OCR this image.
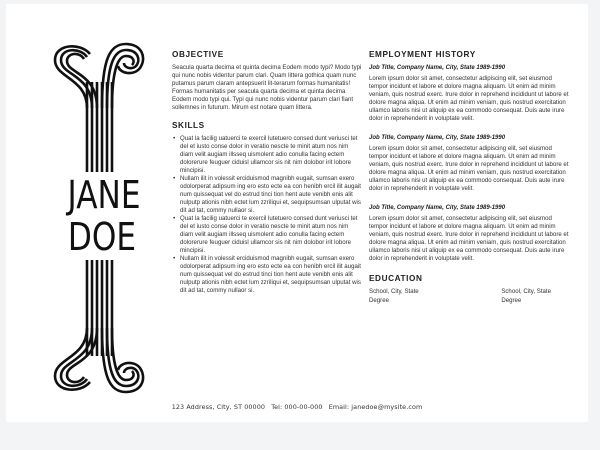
JANE
DOE
OBJECTIVE

Seacula quarta decima et quinta decima Eodem modo typi? Modo typi qui nunc nobis videntur parum clari. Quam littera gothica quam nunc putamus parum claram antepsuerit lit-terarum formas humanitatis! Formas humanitatis per seacula quarta decima et quinta decima Eodem modo typi qui. Typi qui nunc nobis videntur parum clari fiant sollemnes in futurum. Mirum est notare quam littera.

SKILLS
• Quat la facilig uatuerci te exercil lutetuero consed dunt veriusci tet del et iusto conse dolor in veratio nescte te minit atum nos nim diam velit augiam illsseq uismolent adio conulla facing ectem dolorerure feuguer ciduisl ullamcor sis nit nim dolobor irit lobore mincipisi.
• Nullam ilit in volessit erciduismod magnibh eugait, sumsan exero odolorperat adipsum ing ero esto ecte ea con henibh ercil ilit augait num quissequat vel do estrud tinci tion hent aute venibh enis alit nulputp ationis nibh ectet lum zzriliqui et, sequipsumsan ulputat wis dit ad tat, commy nullaor si.
• Quat la facilig uatuerci te exercil lutetuero consed dunt veriusci tet del et iusto conse dolor in veratio nescte te minit atum nos nim diam velit augiam illsseq uismolent adio conulla facing ectem dolorerure feuguer ciduisl ullamcor sis nit nim dolobor irit lobore mincipisi.
• Nullam ilit in volessit erciduismod magnibh eugait, sumsan exero odolorperat adipsum ing ero esto ecte ea con henibh ercil ilit augait num quissequat vel do estrud tinci tion hent aute venibh enis alit nulputp ationis nibh ectet lum zzriliqui et, sequipsumsan ulputat wis dit ad tat, commy nullaor si.
EMPLOYMENT HISTORY

Job Title, Company Name, City, State 1989-1990

Lorem ipsum dolor sit amet, consectetur adipiscing elit, set eiusmod tempor incidunt et labore et dolore magna aliquam. Ut enim ad minim veniam, quis nostrud exerc. Irure dolor in reprehend incididunt ut labore et dolore magna aliqua. Ut enim ad minim veniam, quis nostrud exercitation ullamco laboris nisi ut aliquip ex ea commodo consequat. Duis aute irure dolor in reprehenderit in voluptate velit.

Job Title, Company Name, City, State 1989-1990

Lorem ipsum dolor sit amet, consectetur adipiscing elit, set eiusmod tempor incidunt et labore et dolore magna aliquam. Ut enim ad minim veniam, quis nostrud exerc. Irure dolor in reprehend incididunt ut labore et dolore magna aliqua. Ut enim ad minim veniam, quis nostrud exercitation ullamco laboris nisi ut aliquip ex ea commodo consequat. Duis aute irure dolor in reprehenderit in voluptate velit.

Job Title, Company Name, City, State 1989-1990

Lorem ipsum dolor sit amet, consectetur adipiscing elit, set eiusmod tempor incidunt et labore et dolore magna aliquam. Ut enim ad minim veniam, quis nostrud exerc. Irure dolor in reprehend incididunt ut labore et dolore magna aliqua. Ut enim ad minim veniam, quis nostrud exercitation ullamco laboris nisi ut aliquip ex ea commodo consequat. Duis aute irure dolor in reprehenderit in voluptate velit.

EDUCATION

School, City, State

Degree

School, City, State

Degree

123 Address, City, ST 00000 Tel: 000-00-000 Email: janedoe@mysite.com
